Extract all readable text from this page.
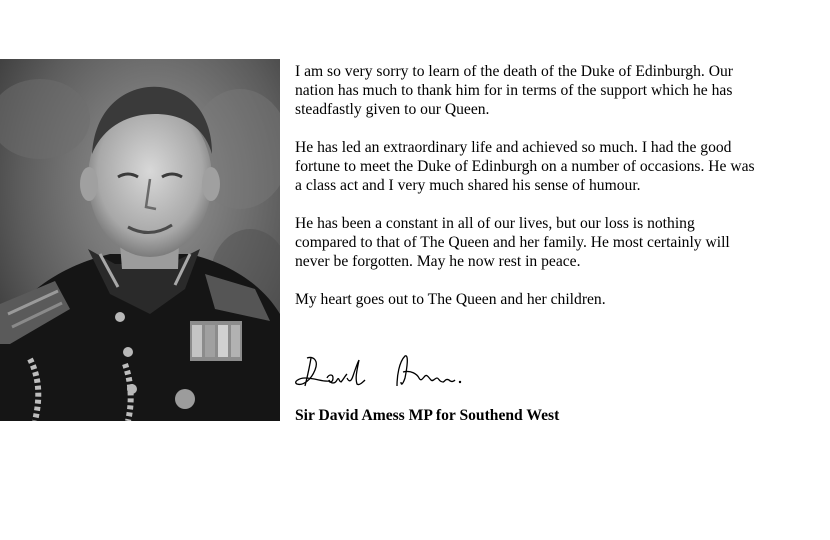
I am so very sorry to learn of the death of the Duke of Edinburgh. Our nation has much to thank him for in terms of the support which he has steadfastly given to our Queen.

He has led an extraordinary life and achieved so much. I had the good fortune to meet the Duke of Edinburgh on a number of occasions. He was a class act and I very much shared his sense of humour.

He has been a constant in all of our lives, but our loss is nothing compared to that of The Queen and her family. He most certainly will never be forgotten. May he now rest in peace.

My heart goes out to The Queen and her children.

Sir David Amess MP for Southend West
